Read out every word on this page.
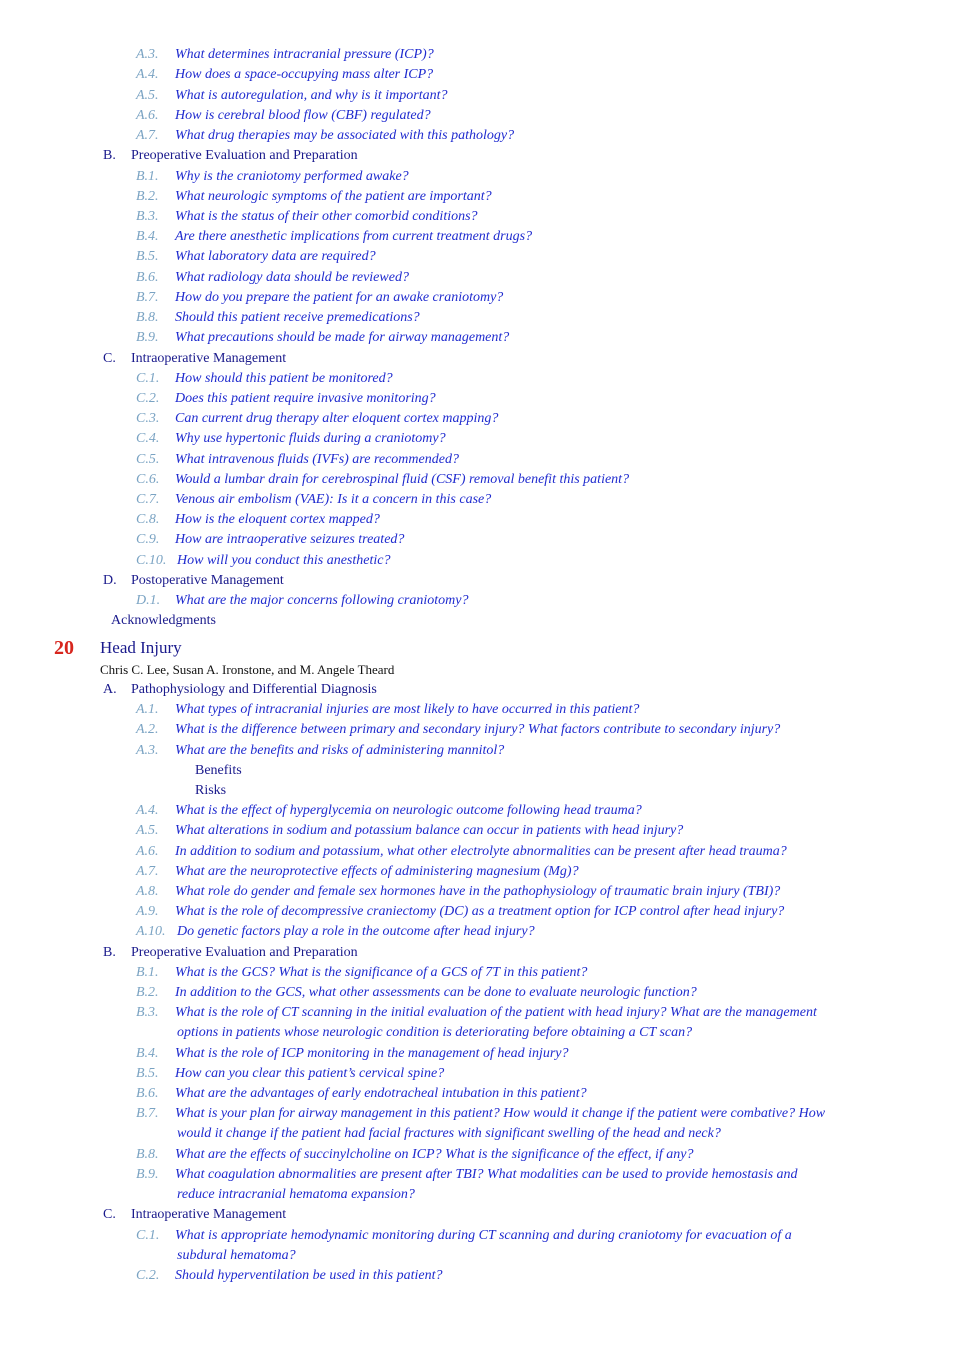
A.3. What determines intracranial pressure (ICP)?
A.4. How does a space-occupying mass alter ICP?
A.5. What is autoregulation, and why is it important?
A.6. How is cerebral blood flow (CBF) regulated?
A.7. What drug therapies may be associated with this pathology?
B. Preoperative Evaluation and Preparation
B.1. Why is the craniotomy performed awake?
B.2. What neurologic symptoms of the patient are important?
B.3. What is the status of their other comorbid conditions?
B.4. Are there anesthetic implications from current treatment drugs?
B.5. What laboratory data are required?
B.6. What radiology data should be reviewed?
B.7. How do you prepare the patient for an awake craniotomy?
B.8. Should this patient receive premedications?
B.9. What precautions should be made for airway management?
C. Intraoperative Management
C.1. How should this patient be monitored?
C.2. Does this patient require invasive monitoring?
C.3. Can current drug therapy alter eloquent cortex mapping?
C.4. Why use hypertonic fluids during a craniotomy?
C.5. What intravenous fluids (IVFs) are recommended?
C.6. Would a lumbar drain for cerebrospinal fluid (CSF) removal benefit this patient?
C.7. Venous air embolism (VAE): Is it a concern in this case?
C.8. How is the eloquent cortex mapped?
C.9. How are intraoperative seizures treated?
C.10. How will you conduct this anesthetic?
D. Postoperative Management
D.1. What are the major concerns following craniotomy?
Acknowledgments
20 Head Injury
Chris C. Lee, Susan A. Ironstone, and M. Angele Theard
A. Pathophysiology and Differential Diagnosis
A.1. What types of intracranial injuries are most likely to have occurred in this patient?
A.2. What is the difference between primary and secondary injury? What factors contribute to secondary injury?
A.3. What are the benefits and risks of administering mannitol?
Benefits
Risks
A.4. What is the effect of hyperglycemia on neurologic outcome following head trauma?
A.5. What alterations in sodium and potassium balance can occur in patients with head injury?
A.6. In addition to sodium and potassium, what other electrolyte abnormalities can be present after head trauma?
A.7. What are the neuroprotective effects of administering magnesium (Mg)?
A.8. What role do gender and female sex hormones have in the pathophysiology of traumatic brain injury (TBI)?
A.9. What is the role of decompressive craniectomy (DC) as a treatment option for ICP control after head injury?
A.10. Do genetic factors play a role in the outcome after head injury?
B. Preoperative Evaluation and Preparation
B.1. What is the GCS? What is the significance of a GCS of 7T in this patient?
B.2. In addition to the GCS, what other assessments can be done to evaluate neurologic function?
B.3. What is the role of CT scanning in the initial evaluation of the patient with head injury? What are the management
options in patients whose neurologic condition is deteriorating before obtaining a CT scan?
B.4. What is the role of ICP monitoring in the management of head injury?
B.5. How can you clear this patient’s cervical spine?
B.6. What are the advantages of early endotracheal intubation in this patient?
B.7. What is your plan for airway management in this patient? How would it change if the patient were combative? How
would it change if the patient had facial fractures with significant swelling of the head and neck?
B.8. What are the effects of succinylcholine on ICP? What is the significance of the effect, if any?
B.9. What coagulation abnormalities are present after TBI? What modalities can be used to provide hemostasis and
reduce intracranial hematoma expansion?
C. Intraoperative Management
C.1. What is appropriate hemodynamic monitoring during CT scanning and during craniotomy for evacuation of a
subdural hematoma?
C.2. Should hyperventilation be used in this patient?
